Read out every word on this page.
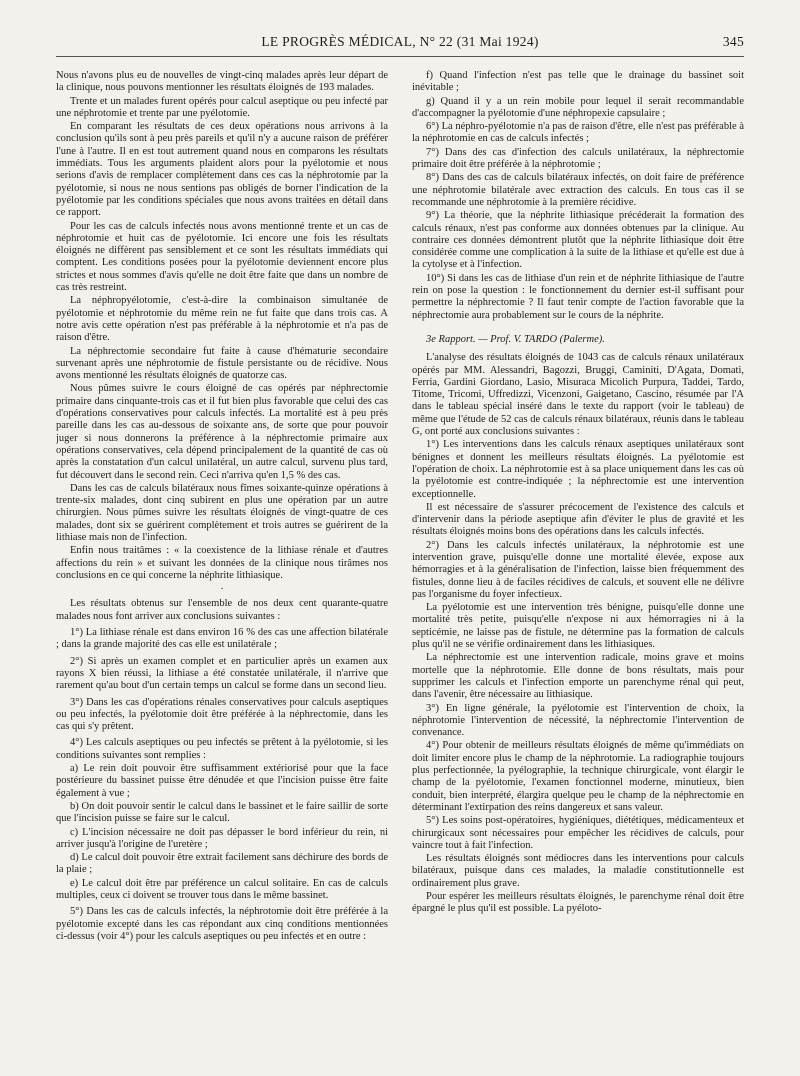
LE PROGRÈS MÉDICAL, N° 22 (31 Mai 1924)	345

Nous n'avons plus eu de nouvelles de vingt-cinq malades après leur départ de la clinique, nous pouvons mentionner les résultats éloignés de 193 malades.

Trente et un malades furent opérés pour calcul aseptique ou peu infecté par une néphrotomie et trente par une pyélotomie.

En comparant les résultats de ces deux opérations nous arrivons à la conclusion qu'ils sont à peu près pareils et qu'il n'y a aucune raison de préférer l'une à l'autre. Il en est tout autrement quand nous en comparons les résultats immédiats. Tous les arguments plaident alors pour la pyélotomie et nous serions d'avis de remplacer complètement dans ces cas la néphrotomie par la pyélotomie, si nous ne nous sentions pas obligés de borner l'indication de la pyélotomie par les conditions spéciales que nous avons traitées en détail dans ce rapport.

Pour les cas de calculs infectés nous avons mentionné trente et un cas de néphrotomie et huit cas de pyélotomie. Ici encore une fois les résultats éloignés ne diffèrent pas sensiblement et ce sont les résultats immédiats qui comptent. Les conditions posées pour la pyélotomie deviennent encore plus strictes et nous sommes d'avis qu'elle ne doit être faite que dans un nombre de cas très restreint.

La néphropyélotomie, c'est-à-dire la combinaison simultanée de pyélotomie et néphrotomie du même rein ne fut faite que dans trois cas. A notre avis cette opération n'est pas préférable à la néphrotomie et n'a pas de raison d'être.

La néphrectomie secondaire fut faite à cause d'hématurie secondaire survenant après une néphrotomie de fistule persistante ou de récidive. Nous avons mentionné les résultats éloignés de quatorze cas.

Nous pûmes suivre le cours éloigné de cas opérés par néphrectomie primaire dans cinquante-trois cas et il fut bien plus favorable que celui des cas d'opérations conservatives pour calculs infectés. La mortalité est à peu près pareille dans les cas au-dessous de soixante ans, de sorte que pour pouvoir juger si nous donnerons la préférence à la néphrectomie primaire aux opérations conservatives, cela dépend principalement de la quantité de cas où après la constatation d'un calcul unilatéral, un autre calcul, survenu plus tard, fut découvert dans le second rein. Ceci n'arriva qu'en 1,5 % des cas.

Dans les cas de calculs bilatéraux nous fîmes soixante-quinze opérations à trente-six malades, dont cinq subirent en plus une opération par un autre chirurgien. Nous pûmes suivre les résultats éloignés de vingt-quatre de ces malades, dont six se guérirent complètement et trois autres se guérirent de la lithiase mais non de l'infection.

Enfin nous traitâmes : « la coexistence de la lithiase rénale et d'autres affections du rein » et suivant les données de la clinique nous tirâmes nos conclusions en ce qui concerne la néphrite lithiasique.

·

Les résultats obtenus sur l'ensemble de nos deux cent quarante-quatre malades nous font arriver aux conclusions suivantes :

1°) La lithiase rénale est dans environ 16 % des cas une affection bilatérale ; dans la grande majorité des cas elle est unilatérale ;

2°) Si après un examen complet et en particulier après un examen aux rayons X bien réussi, la lithiase a été constatée unilatérale, il n'arrive que rarement qu'au bout d'un certain temps un calcul se forme dans un second lieu.

3°) Dans les cas d'opérations rénales conservatives pour calculs aseptiques ou peu infectés, la pyélotomie doit être préférée à la néphrectomie, dans les cas qui s'y prêtent.

4°) Les calculs aseptiques ou peu infectés se prêtent à la pyélotomie, si les conditions suivantes sont remplies :

a) Le rein doit pouvoir être suffisamment extériorisé pour que la face postérieure du bassinet puisse être dénudée et que l'incision puisse être faite également à vue ;

b) On doit pouvoir sentir le calcul dans le bassinet et le faire saillir de sorte que l'incision puisse se faire sur le calcul.

c) L'incision nécessaire ne doit pas dépasser le bord inférieur du rein, ni arriver jusqu'à l'origine de l'uretère ;

d) Le calcul doit pouvoir être extrait facilement sans déchirure des bords de la plaie ;

e) Le calcul doit être par préférence un calcul solitaire. En cas de calculs multiples, ceux ci doivent se trouver tous dans le même bassinet.

5°) Dans les cas de calculs infectés, la néphrotomie doit être préférée à la pyélotomie excepté dans les cas répondant aux cinq conditions mentionnées ci-dessus (voir 4°) pour les calculs aseptiques ou peu infectés et en outre :

f) Quand l'infection n'est pas telle que le drainage du bassinet soit inévitable ;

g) Quand il y a un rein mobile pour lequel il serait recommandable d'accompagner la pyélotomie d'une néphropexie capsulaire ;

6°) La néphro-pyélotomie n'a pas de raison d'être, elle n'est pas préférable à la néphrotomie en cas de calculs infectés ;

7°) Dans des cas d'infection des calculs unilatéraux, la néphrectomie primaire doit être préférée à la néphrotomie ;

8°) Dans des cas de calculs bilatéraux infectés, on doit faire de préférence une néphrotomie bilatérale avec extraction des calculs. En tous cas il se recommande une néphrotomie à la première récidive.

9°) La théorie, que la néphrite lithiasique précéderait la formation des calculs rénaux, n'est pas conforme aux données obtenues par la clinique. Au contraire ces données démontrent plutôt que la néphrite lithiasique doit être considérée comme une complication à la suite de la lithiase et qu'elle est due à la cytolyse et à l'infection.

10°) Si dans les cas de lithiase d'un rein et de néphrite lithiasique de l'autre rein on pose la question : le fonctionnement du dernier est-il suffisant pour permettre la néphrectomie ? Il faut tenir compte de l'action favorable que la néphrectomie aura probablement sur le cours de la néphrite.

3e Rapport. — Prof. V. TARDO (Palerme).

L'analyse des résultats éloignés de 1043 cas de calculs rénaux unilatéraux opérés par MM. Alessandri, Bagozzi, Bruggi, Caminiti, D'Agata, Domati, Ferria, Gardini Giordano, Lasio, Misuraca Micolich Purpura, Taddei, Tardo, Titome, Tricomi, Uffredizzi, Vicenzoni, Gaigetano, Cascino, résumée par l'A dans le tableau spécial inséré dans le texte du rapport (voir le tableau) de même que l'étude de 52 cas de calculs rénaux bilatéraux, réunis dans le tableau G, ont porté aux conclusions suivantes :

1°) Les interventions dans les calculs rénaux aseptiques unilatéraux sont bénignes et donnent les meilleurs résultats éloignés. La pyélotomie est l'opération de choix. La néphrotomie est à sa place uniquement dans les cas où la pyélotomie est contre-indiquée ; la néphrectomie est une intervention exceptionnelle.

Il est nécessaire de s'assurer précocement de l'existence des calculs et d'intervenir dans la période aseptique afin d'éviter le plus de gravité et les résultats éloignés moins bons des opérations dans les calculs infectés.

2°) Dans les calculs infectés unilatéraux, la néphrotomie est une intervention grave, puisqu'elle donne une mortalité élevée, expose aux hémorragies et à la généralisation de l'infection, laisse bien fréquemment des fistules, donne lieu à de faciles récidives de calculs, et souvent elle ne délivre pas l'organisme du foyer infectieux.

La pyélotomie est une intervention très bénigne, puisqu'elle donne une mortalité très petite, puisqu'elle n'expose ni aux hémorragies ni à la septicémie, ne laisse pas de fistule, ne détermine pas la formation de calculs plus qu'il ne se vérifie ordinairement dans les lithiasiques.

La néphrectomie est une intervention radicale, moins grave et moins mortelle que la néphrotomie. Elle donne de bons résultats, mais pour supprimer les calculs et l'infection emporte un parenchyme rénal qui peut, dans l'avenir, être nécessaire au lithiasique.

3°) En ligne générale, la pyélotomie est l'intervention de choix, la néphrotomie l'intervention de nécessité, la néphrectomie l'intervention de convenance.

4°) Pour obtenir de meilleurs résultats éloignés de même qu'immédiats on doit limiter encore plus le champ de la néphrotomie. La radiographie toujours plus perfectionnée, la pyélographie, la technique chirurgicale, vont élargir le champ de la pyélotomie, l'examen fonctionnel moderne, minutieux, bien conduit, bien interprété, élargira quelque peu le champ de la néphrectomie en déterminant l'extirpation des reins dangereux et sans valeur.

5°) Les soins post-opératoires, hygiéniques, diététiques, médicamenteux et chirurgicaux sont nécessaires pour empêcher les récidives de calculs, pour vaincre tout à fait l'infection.

Les résultats éloignés sont médiocres dans les interventions pour calculs bilatéraux, puisque dans ces malades, la maladie constitutionnelle est ordinairement plus grave.

Pour espérer les meilleurs résultats éloignés, le parenchyme rénal doit être épargné le plus qu'il est possible. La pyéloto-
